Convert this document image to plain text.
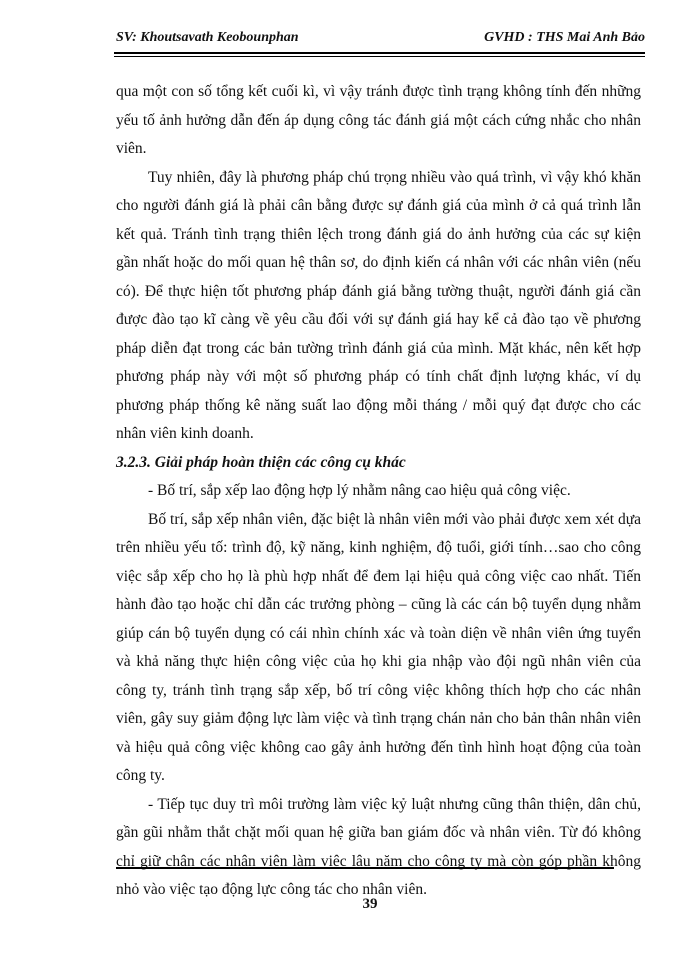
SV: Khoutsavath Keobounphan	GVHD : THS Mai Anh Bảo

qua một con số tổng kết cuối kì, vì vậy tránh được tình trạng không tính đến những yếu tố ảnh hưởng dẫn đến áp dụng công tác đánh giá một cách cứng nhắc cho nhân viên.

Tuy nhiên, đây là phương pháp chú trọng nhiều vào quá trình, vì vậy khó khăn cho người đánh giá là phải cân bằng được sự đánh giá của mình ở cả quá trình lẫn kết quả. Tránh tình trạng thiên lệch trong đánh giá do ảnh hưởng của các sự kiện gần nhất hoặc do mối quan hệ thân sơ, do định kiến cá nhân với các nhân viên (nếu có). Để thực hiện tốt phương pháp đánh giá bằng tường thuật, người đánh giá cần được đào tạo kĩ càng về yêu cầu đối với sự đánh giá hay kể cả đào tạo về phương pháp diễn đạt trong các bản tường trình đánh giá của mình. Mặt khác, nên kết hợp phương pháp này với một số phương pháp có tính chất định lượng khác, ví dụ phương pháp thống kê năng suất lao động mỗi tháng / mỗi quý đạt được cho các nhân viên kinh doanh.

3.2.3. Giải pháp hoàn thiện các công cụ khác

- Bố trí, sắp xếp lao động hợp lý nhằm nâng cao hiệu quả công việc.

Bố trí, sắp xếp nhân viên, đặc biệt là nhân viên mới vào phải được xem xét dựa trên nhiều yếu tố: trình độ, kỹ năng, kinh nghiệm, độ tuổi, giới tính…sao cho công việc sắp xếp cho họ là phù hợp nhất để đem lại hiệu quả công việc cao nhất. Tiến hành đào tạo hoặc chỉ dẫn các trưởng phòng – cũng là các cán bộ tuyển dụng nhằm giúp cán bộ tuyển dụng có cái nhìn chính xác và toàn diện về nhân viên ứng tuyển và khả năng thực hiện công việc của họ khi gia nhập vào đội ngũ nhân viên của công ty, tránh tình trạng sắp xếp, bố trí công việc không thích hợp cho các nhân viên, gây suy giảm động lực làm việc và tình trạng chán nản cho bản thân nhân viên và hiệu quả công việc không cao gây ảnh hưởng đến tình hình hoạt động của toàn công ty.

- Tiếp tục duy trì môi trường làm việc kỷ luật nhưng cũng thân thiện, dân chủ, gần gũi nhằm thắt chặt mối quan hệ giữa ban giám đốc và nhân viên. Từ đó không chỉ giữ chân các nhân viên làm việc lâu năm cho công ty mà còn góp phần không nhỏ vào việc tạo động lực công tác cho nhân viên.

39
